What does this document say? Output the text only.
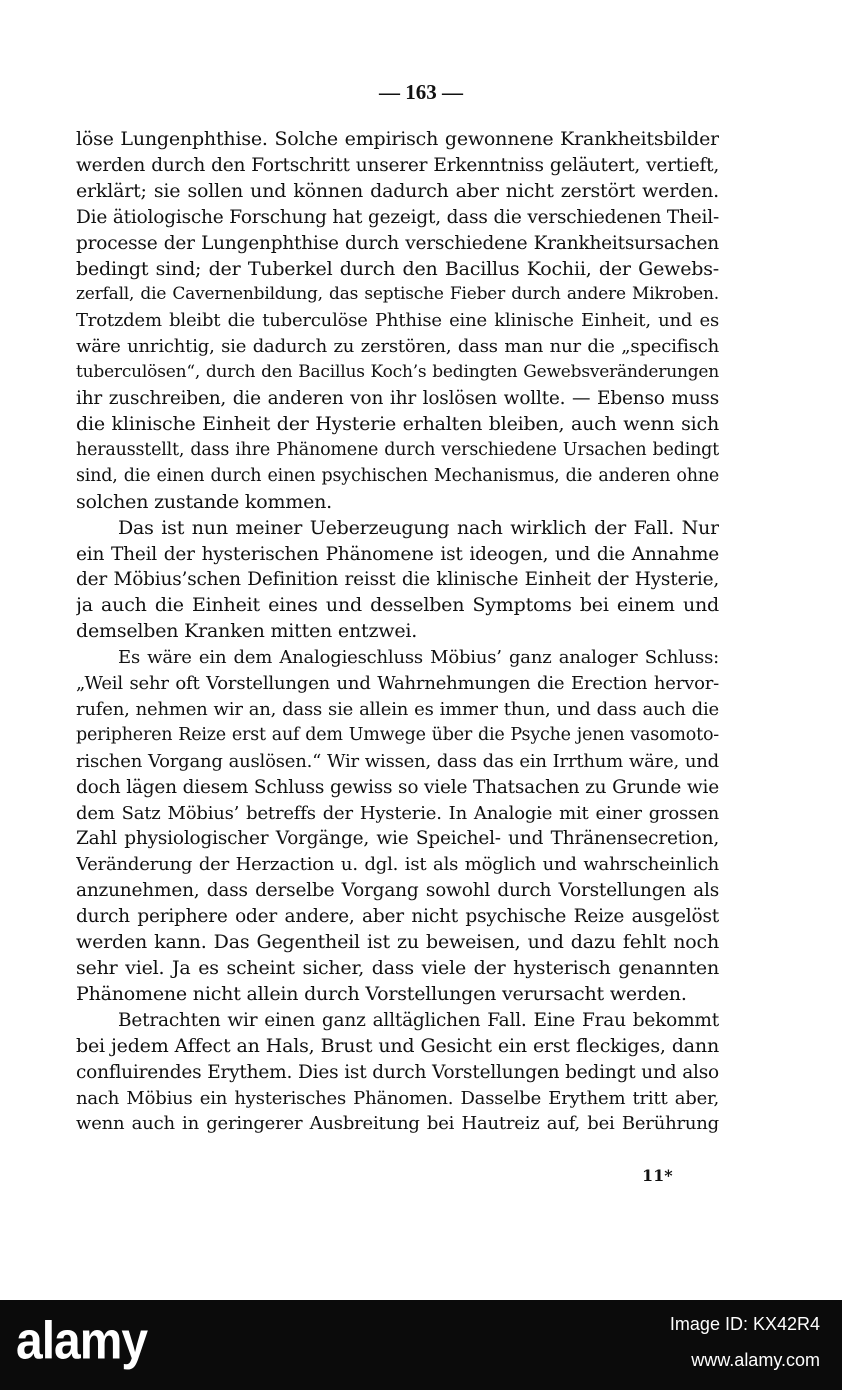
— 163 —
löse Lungenphthise. Solche empirisch gewonnene Krankheitsbilder
werden durch den Fortschritt unserer Erkenntniss geläutert, vertieft,
erklärt; sie sollen und können dadurch aber nicht zerstört werden.
Die ätiologische Forschung hat gezeigt, dass die verschiedenen Theil-
processe der Lungenphthise durch verschiedene Krankheitsursachen
bedingt sind; der Tuberkel durch den Bacillus Kochii, der Gewebs-
zerfall, die Cavernenbildung, das septische Fieber durch andere Mikroben.
Trotzdem bleibt die tuberculöse Phthise eine klinische Einheit, und es
wäre unrichtig, sie dadurch zu zerstören, dass man nur die „specifisch
tuberculösen“, durch den Bacillus Koch’s bedingten Gewebsveränderungen
ihr zuschreiben, die anderen von ihr loslösen wollte. — Ebenso muss
die klinische Einheit der Hysterie erhalten bleiben, auch wenn sich
herausstellt, dass ihre Phänomene durch verschiedene Ursachen bedingt
sind, die einen durch einen psychischen Mechanismus, die anderen ohne
solchen zustande kommen.
Das ist nun meiner Ueberzeugung nach wirklich der Fall. Nur
ein Theil der hysterischen Phänomene ist ideogen, und die Annahme
der Möbius’schen Definition reisst die klinische Einheit der Hysterie,
ja auch die Einheit eines und desselben Symptoms bei einem und
demselben Kranken mitten entzwei.
Es wäre ein dem Analogieschluss Möbius’ ganz analoger Schluss:
„Weil sehr oft Vorstellungen und Wahrnehmungen die Erection hervor-
rufen, nehmen wir an, dass sie allein es immer thun, und dass auch die
peripheren Reize erst auf dem Umwege über die Psyche jenen vasomoto-
rischen Vorgang auslösen.“ Wir wissen, dass das ein Irrthum wäre, und
doch lägen diesem Schluss gewiss so viele Thatsachen zu Grunde wie
dem Satz Möbius’ betreffs der Hysterie. In Analogie mit einer grossen
Zahl physiologischer Vorgänge, wie Speichel- und Thränensecretion,
Veränderung der Herzaction u. dgl. ist als möglich und wahrscheinlich
anzunehmen, dass derselbe Vorgang sowohl durch Vorstellungen als
durch periphere oder andere, aber nicht psychische Reize ausgelöst
werden kann. Das Gegentheil ist zu beweisen, und dazu fehlt noch
sehr viel. Ja es scheint sicher, dass viele der hysterisch genannten
Phänomene nicht allein durch Vorstellungen verursacht werden.
Betrachten wir einen ganz alltäglichen Fall. Eine Frau bekommt
bei jedem Affect an Hals, Brust und Gesicht ein erst fleckiges, dann
confluirendes Erythem. Dies ist durch Vorstellungen bedingt und also
nach Möbius ein hysterisches Phänomen. Dasselbe Erythem tritt aber,
wenn auch in geringerer Ausbreitung bei Hautreiz auf, bei Berührung
11*
alamy	Image ID: KX42R4
www.alamy.com
